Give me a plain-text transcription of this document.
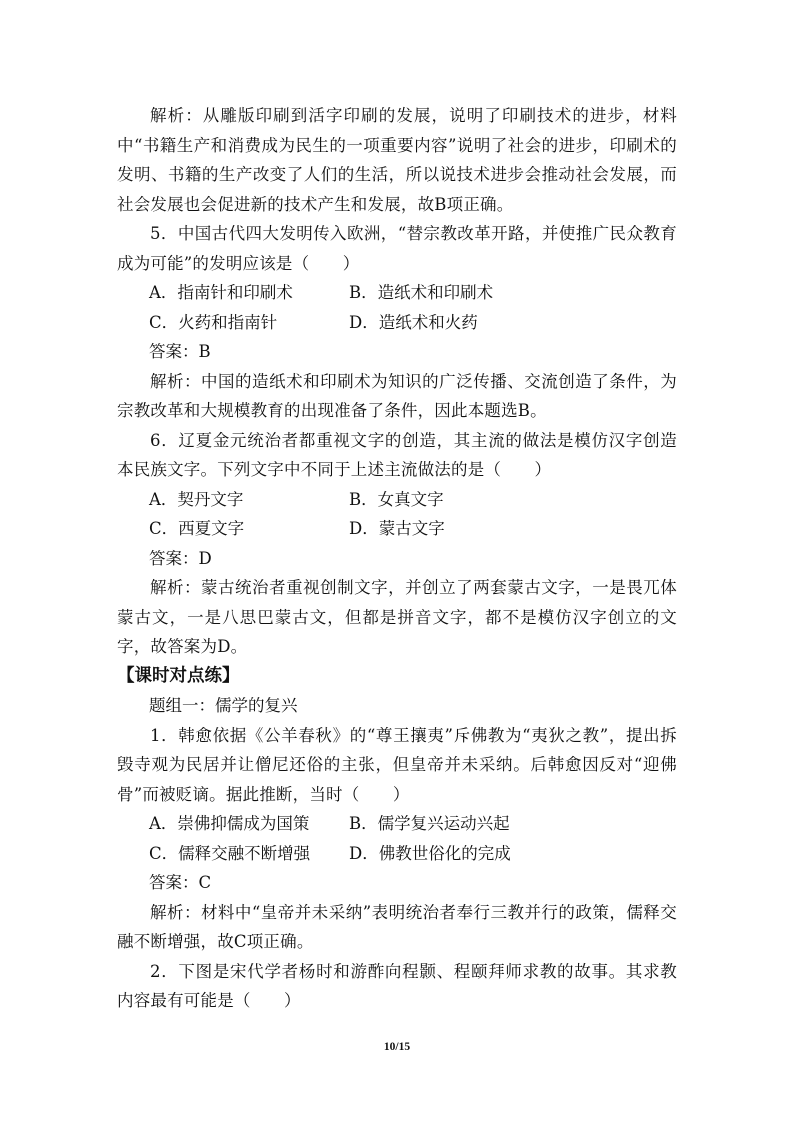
解析：从雕版印刷到活字印刷的发展，说明了印刷技术的进步，材料中“书籍生产和消费成为民生的一项重要内容”说明了社会的进步，印刷术的发明、书籍的生产改变了人们的生活，所以说技术进步会推动社会发展，而社会发展也会促进新的技术产生和发展，故B项正确。

5．中国古代四大发明传入欧洲，“替宗教改革开路，并使推广民众教育成为可能”的发明应该是（　　）

A．指南针和印刷术	B．造纸术和印刷术
C．火药和指南针	D．造纸术和火药

答案：B

解析：中国的造纸术和印刷术为知识的广泛传播、交流创造了条件，为宗教改革和大规模教育的出现准备了条件，因此本题选B。

6．辽夏金元统治者都重视文字的创造，其主流的做法是模仿汉字创造本民族文字。下列文字中不同于上述主流做法的是（　　）

A．契丹文字	B．女真文字
C．西夏文字	D．蒙古文字

答案：D

解析：蒙古统治者重视创制文字，并创立了两套蒙古文字，一是畏兀体蒙古文，一是八思巴蒙古文，但都是拼音文字，都不是模仿汉字创立的文字，故答案为D。

【课时对点练】

题组一：儒学的复兴

1．韩愈依据《公羊春秋》的“尊王攘夷”斥佛教为“夷狄之教”，提出拆毁寺观为民居并让僧尼还俗的主张，但皇帝并未采纳。后韩愈因反对“迎佛骨”而被贬谪。据此推断，当时（　　）

A．崇佛抑儒成为国策	B．儒学复兴运动兴起
C．儒释交融不断增强	D．佛教世俗化的完成

答案：C

解析：材料中“皇帝并未采纳”表明统治者奉行三教并行的政策，儒释交融不断增强，故C项正确。

2．下图是宋代学者杨时和游酢向程颢、程颐拜师求教的故事。其求教内容最有可能是（　　）

10/15
